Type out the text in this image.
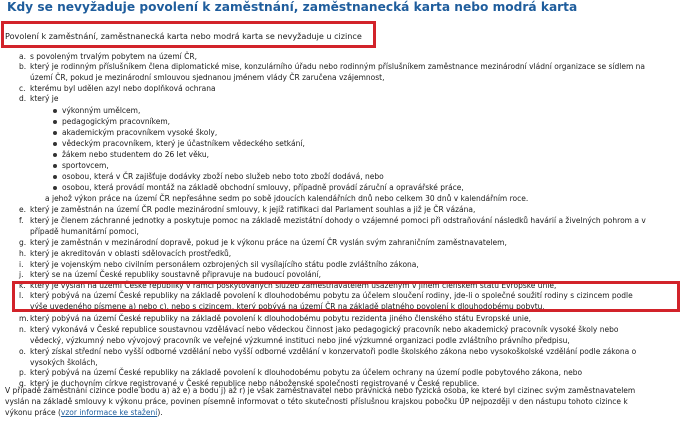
Kdy se nevyžaduje povolení k zaměstnání, zaměstnanecká karta nebo modrá karta
Povolení k zaměstnání, zaměstnanecká karta nebo modrá karta se nevyžaduje u cizince
a. s povoleným trvalým pobytem na území ČR,
b. který je rodinným příslušníkem člena diplomatické mise, konzulárního úřadu nebo rodinným příslušníkem zaměstnance mezinárodní vládní organizace se sídlem na
území ČR, pokud je mezinárodní smlouvou sjednanou jménem vlády ČR zaručena vzájemnost,
c. kterému byl udělen azyl nebo doplňková ochrana
d. který je
výkonným umělcem,
pedagogickým pracovníkem,
akademickým pracovníkem vysoké školy,
vědeckým pracovníkem, který je účastníkem vědeckého setkání,
žákem nebo studentem do 26 let věku,
sportovcem,
osobou, která v ČR zajišťuje dodávky zboží nebo služeb nebo toto zboží dodává, nebo
osobou, která provádí montáž na základě obchodní smlouvy, případně provádí záruční a opravářské práce,
a jehož výkon práce na území ČR nepřesáhne sedm po sobě jdoucích kalendářních dnů nebo celkem 30 dnů v kalendářním roce.
e. který je zaměstnán na území ČR podle mezinárodní smlouvy, k jejíž ratifikaci dal Parlament souhlas a již je ČR vázána,
f. který je členem záchranné jednotky a poskytuje pomoc na základě mezistátní dohody o vzájemné pomoci při odstraňování následků havárií a živelných pohrom a v
případě humanitární pomoci,
g. který je zaměstnán v mezinárodní dopravě, pokud je k výkonu práce na území ČR vyslán svým zahraničním zaměstnavatelem,
h. který je akreditován v oblasti sdělovacích prostředků,
i. který je vojenským nebo civilním personálem ozbrojených sil vysílajícího státu podle zvláštního zákona,
j. který se na území České republiky soustavně připravuje na budoucí povolání,
k. který je vyslán na území České republiky v rámci poskytovaných služeb zaměstnavatelem usazeným v jiném členském státu Evropské unie,
l. který pobývá na území České republiky na základě povolení k dlouhodobému pobytu za účelem sloučení rodiny, jde-li o společné soužití rodiny s cizincem podle
výše uvedeného písmene a) nebo c), nebo s cizincem, který pobývá na území ČR na základě platného povolení k dlouhodobému pobytu,
m.který pobývá na území České republiky na základě povolení k dlouhodobému pobytu rezidenta jiného členského státu Evropské unie,
n. který vykonává v České republice soustavnou vzdělávací nebo vědeckou činnost jako pedagogický pracovník nebo akademický pracovník vysoké školy nebo
vědecký, výzkumný nebo vývojový pracovník ve veřejné výzkumné instituci nebo jiné výzkumné organizaci podle zvláštního právního předpisu,
o. který získal střední nebo vyšší odborné vzdělání nebo vyšší odborné vzdělání v konzervatoři podle školského zákona nebo vysokoškolské vzdělání podle zákona o
vysokých školách,
p. který pobývá na území České republiky na základě povolení k dlouhodobému pobytu za účelem ochrany na území podle pobytového zákona, nebo
q. který je duchovním církve registrované v České republice nebo náboženské společnosti registrované v České republice.

V případě zaměstnání cizince podle bodu a) až e) a bodu j) až r) je však zaměstnavatel nebo právnická nebo fyzická osoba, ke které byl cizinec svým zaměstnavatelem

vyslán na základě smlouvy k výkonu práce, povinen písemně informovat o této skutečnosti příslušnou krajskou pobočku ÚP nejpozději v den nástupu tohoto cizince k

výkonu práce (vzor informace ke stažení).
